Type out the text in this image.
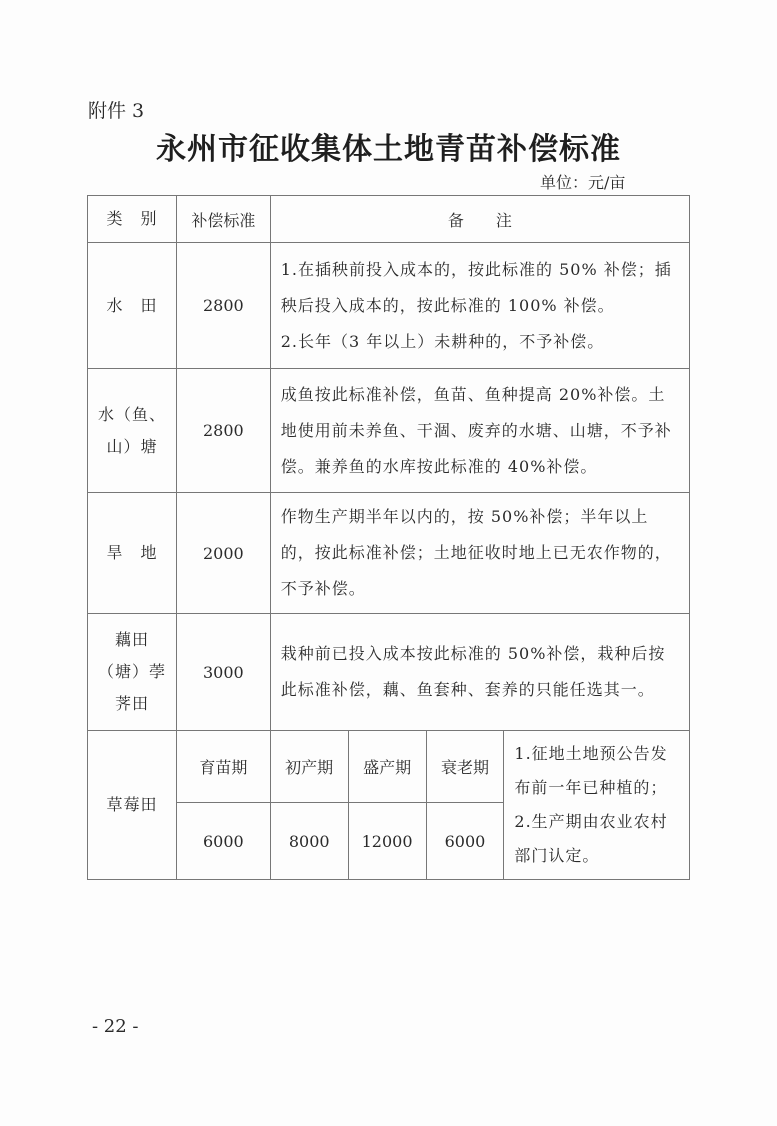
附件 3
永州市征收集体土地青苗补偿标准
单位：元/亩
类　别	补偿标准	备　　注			
水　田	2800	1.在插秧前投入成本的，按此标准的 50% 补偿；插秧后投入成本的，按此标准的 100% 补偿。
2.长年（3 年以上）未耕种的，不予补偿。			

水（鱼、山）塘	2800	成鱼按此标准补偿，鱼苗、鱼种提高 20%补偿。土地使用前未养鱼、干涸、废弃的水塘、山塘，不予补偿。兼养鱼的水库按此标准的 40%补偿。			
旱　地	2000	作物生产期半年以内的，按 50%补偿；半年以上的，按此标准补偿；土地征收时地上已无农作物的，不予补偿。			
藕田（塘）荸荠田	3000	栽种前已投入成本按此标准的 50%补偿，栽种后按此标准补偿，藕、鱼套种、套养的只能任选其一。			
草莓田	育苗期	初产期	盛产期	衰老期	1.征地土地预公告发布前一年已种植的；
2.生产期由农业农村部门认定。

	6000	8000	12000	6000	
- 22 -
